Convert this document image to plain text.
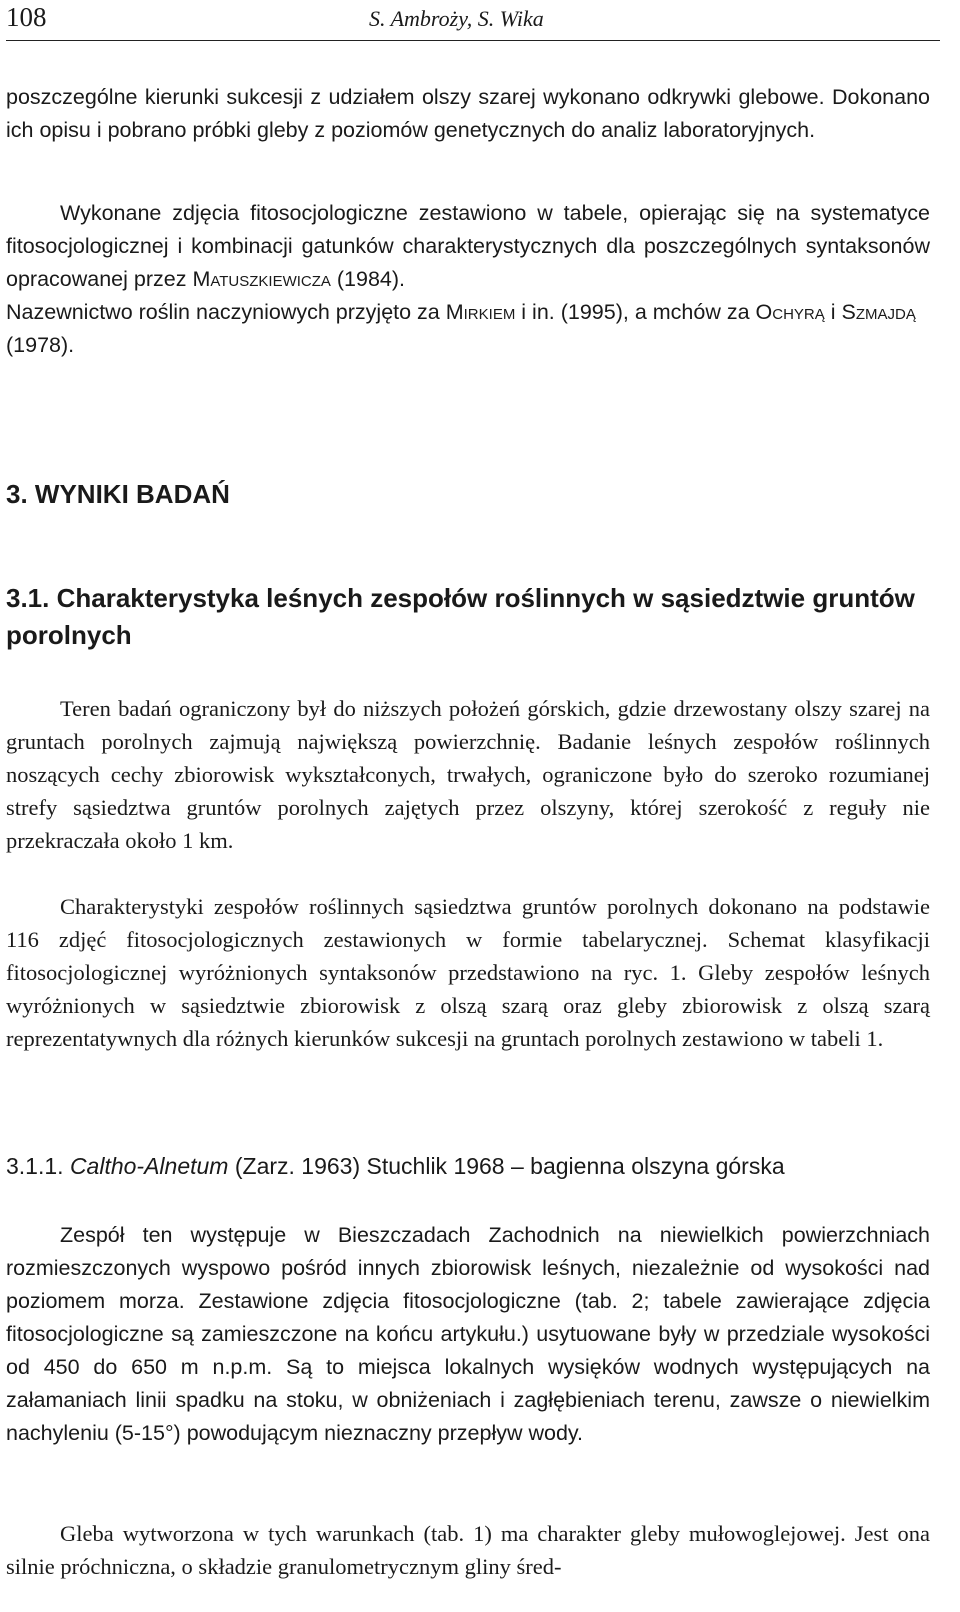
108	S. Ambroży, S. Wika

poszczególne kierunki sukcesji z udziałem olszy szarej wykonano odkrywki glebowe. Dokonano ich opisu i pobrano próbki gleby z poziomów genetycznych do analiz laboratoryjnych.

Wykonane zdjęcia fitosocjologiczne zestawiono w tabele, opierając się na systematyce fitosocjologicznej i kombinacji gatunków charakterystycznych dla poszczególnych syntaksonów opracowanej przez Matuszkiewicza (1984).

Nazewnictwo roślin naczyniowych przyjęto za Mirkiem i in. (1995), a mchów za Ochyrą i Szmajdą (1978).

3. WYNIKI BADAŃ
3.1. Charakterystyka leśnych zespołów roślinnych w sąsiedztwie gruntów porolnych

Teren badań ograniczony był do niższych położeń górskich, gdzie drzewostany olszy szarej na gruntach porolnych zajmują największą powierzchnię. Badanie leśnych zespołów roślinnych noszących cechy zbiorowisk wykształconych, trwałych, ograniczone było do szeroko rozumianej strefy sąsiedztwa gruntów porolnych zajętych przez olszyny, której szerokość z reguły nie przekraczała około 1 km.

Charakterystyki zespołów roślinnych sąsiedztwa gruntów porolnych dokonano na podstawie 116 zdjęć fitosocjologicznych zestawionych w formie tabelarycznej. Schemat klasyfikacji fitosocjologicznej wyróżnionych syntaksonów przedstawiono na ryc. 1. Gleby zespołów leśnych wyróżnionych w sąsiedztwie zbiorowisk z olszą szarą oraz gleby zbiorowisk z olszą szarą reprezentatywnych dla różnych kierunków sukcesji na gruntach porolnych zestawiono w tabeli 1.

3.1.1. Caltho-Alnetum (Zarz. 1963) Stuchlik 1968 – bagienna olszyna górska

Zespół ten występuje w Bieszczadach Zachodnich na niewielkich powierzchniach rozmieszczonych wyspowo pośród innych zbiorowisk leśnych, niezależnie od wysokości nad poziomem morza. Zestawione zdjęcia fitosocjologiczne (tab. 2; tabele zawierające zdjęcia fitosocjologiczne są zamieszczone na końcu artykułu.) usytuowane były w przedziale wysokości od 450 do 650 m n.p.m. Są to miejsca lokalnych wysięków wodnych występujących na załamaniach linii spadku na stoku, w obniżeniach i zagłębieniach terenu, zawsze o niewielkim nachyleniu (5-15°) powodującym nieznaczny przepływ wody.

Gleba wytworzona w tych warunkach (tab. 1) ma charakter gleby mułowoglejowej. Jest ona silnie próchniczna, o składzie granulometrycznym gliny śred-
